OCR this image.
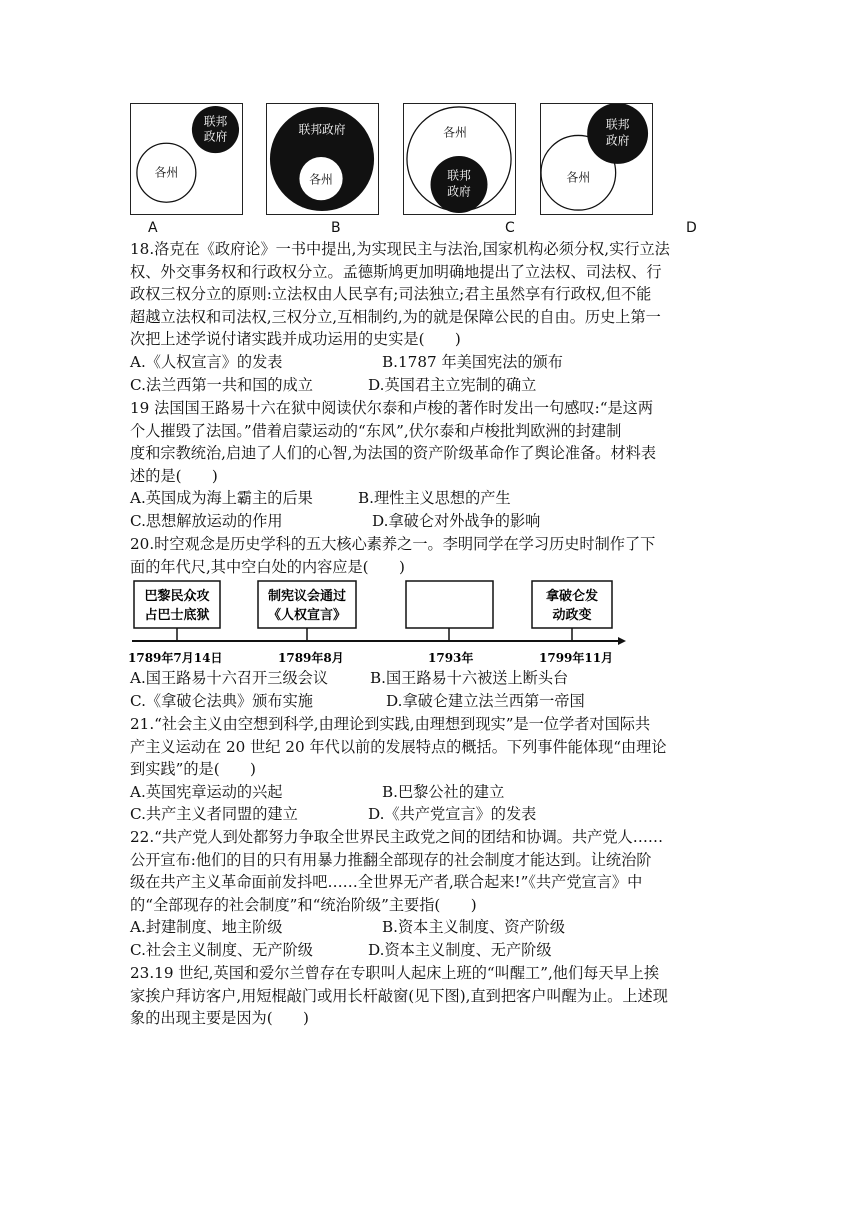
各州
联邦
政府
A
联邦政府
各州
B
各州
联邦
政府
C
各州
联邦
政府
D
18.洛克在《政府论》一书中提出,为实现民主与法治,国家机构必须分权,实行立法
权、外交事务权和行政权分立。孟德斯鸠更加明确地提出了立法权、司法权、行
政权三权分立的原则:立法权由人民享有;司法独立;君主虽然享有行政权,但不能
超越立法权和司法权,三权分立,互相制约,为的就是保障公民的自由。历史上第一
次把上述学说付诸实践并成功运用的史实是(　　)
A.《人权宣言》的发表	B.1787 年美国宪法的颁布
C.法兰西第一共和国的成立	D.英国君主立宪制的确立
19 法国国王路易十六在狱中阅读伏尔泰和卢梭的著作时发出一句感叹:“是这两
个人摧毁了法国。”借着启蒙运动的“东风”,伏尔泰和卢梭批判欧洲的封建制
度和宗教统治,启迪了人们的心智,为法国的资产阶级革命作了舆论准备。材料表
述的是(　　)
A.英国成为海上霸主的后果	B.理性主义思想的产生
C.思想解放运动的作用	D.拿破仑对外战争的影响
20.时空观念是历史学科的五大核心素养之一。李明同学在学习历史时制作了下
面的年代尺,其中空白处的内容应是(　　)
巴黎民众攻
占巴士底狱
制宪议会通过
《人权宣言》
拿破仑发
动政变
1789年7月14日	1789年8月	1793年	1799年11月
A.国王路易十六召开三级会议	B.国王路易十六被送上断头台
C.《拿破仑法典》颁布实施	D.拿破仑建立法兰西第一帝国
21.“社会主义由空想到科学,由理论到实践,由理想到现实”是一位学者对国际共
产主义运动在 20 世纪 20 年代以前的发展特点的概括。下列事件能体现“由理论
到实践”的是(　　)
A.英国宪章运动的兴起	B.巴黎公社的建立
C.共产主义者同盟的建立	D.《共产党宣言》的发表
22.“共产党人到处都努力争取全世界民主政党之间的团结和协调。共产党人……
公开宣布:他们的目的只有用暴力推翻全部现存的社会制度才能达到。让统治阶
级在共产主义革命面前发抖吧……全世界无产者,联合起来!”《共产党宣言》中
的“全部现存的社会制度”和“统治阶级”主要指(　　)
A.封建制度、地主阶级	B.资本主义制度、资产阶级
C.社会主义制度、无产阶级	D.资本主义制度、无产阶级
23.19 世纪,英国和爱尔兰曾存在专职叫人起床上班的“叫醒工”,他们每天早上挨
家挨户拜访客户,用短棍敲门或用长杆敲窗(见下图),直到把客户叫醒为止。上述现
象的出现主要是因为(　　)
